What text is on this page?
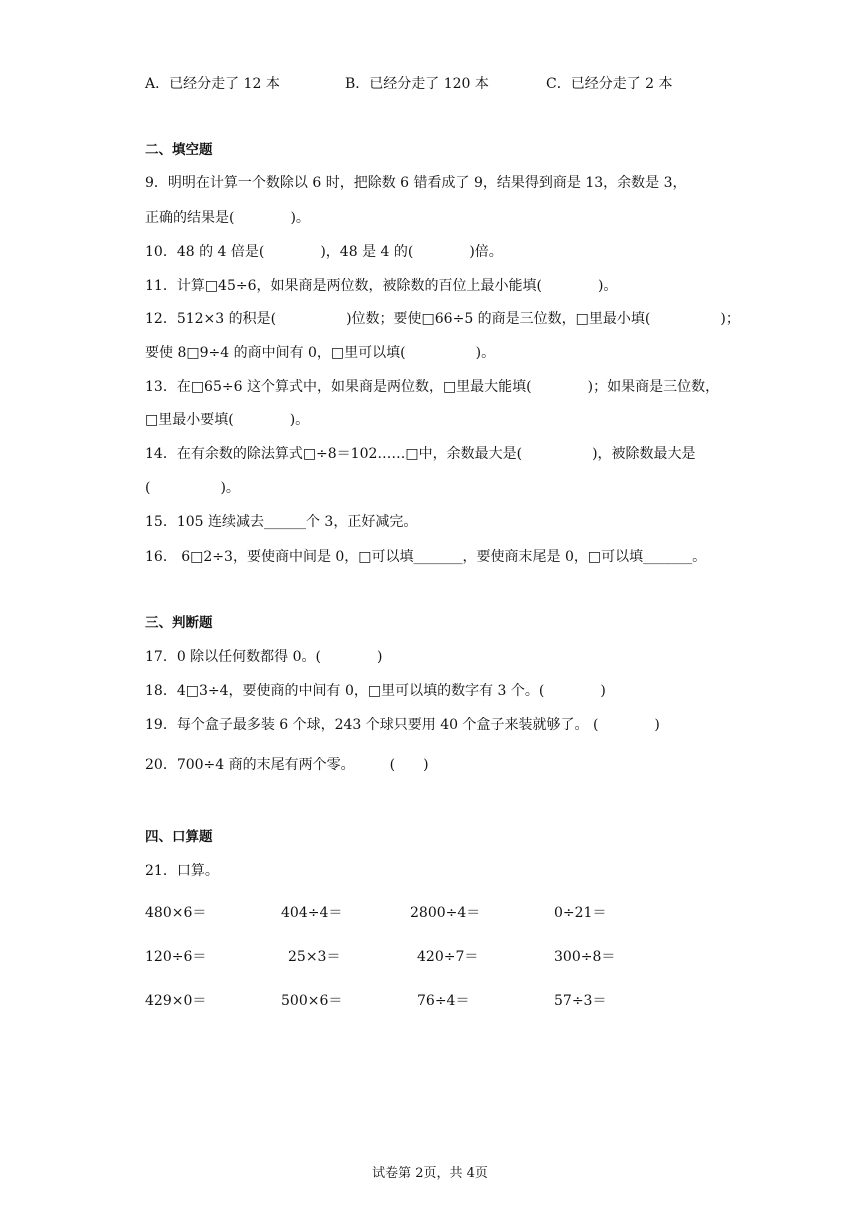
A．已经分走了 12 本	B．已经分走了 120 本	C．已经分走了 2 本
二、填空题
9．明明在计算一个数除以 6 时，把除数 6 错看成了 9，结果得到商是 13，余数是 3，
正确的结果是(　　　　)。
10．48 的 4 倍是(　　　　)，48 是 4 的(　　　　)倍。
11．计算□45÷6，如果商是两位数，被除数的百位上最小能填(　　　　)。
12．512×3 的积是(　　　　　)位数；要使□66÷5 的商是三位数，□里最小填(　　　　　)；
要使 8□9÷4 的商中间有 0，□里可以填(　　　　　)。
13．在□65÷6 这个算式中，如果商是两位数，□里最大能填(　　　　)；如果商是三位数，
□里最小要填(　　　　)。
14．在有余数的除法算式□÷8＝102……□中，余数最大是(　　　　　)，被除数最大是
(　　　　　)。
15．105 连续减去______个 3，正好减完。
16． 6□2÷3，要使商中间是 0，□可以填_______，要使商末尾是 0，□可以填_______。
三、判断题
17．0 除以任何数都得 0。(　　　　)
18．4□3÷4，要使商的中间有 0，□里可以填的数字有 3 个。(　　　　)
19．每个盒子最多装 6 个球，243 个球只要用 40 个盒子来装就够了。 (　　　　)
20．700÷4 商的末尾有两个零。　　　(　　)
四、口算题
21．口算。
480×6＝	404÷4＝	2800÷4＝	0÷21＝
120÷6＝	25×3＝	420÷7＝	300÷8＝
429×0＝	500×6＝	76÷4＝	57÷3＝
试卷第 2页，共 4页
